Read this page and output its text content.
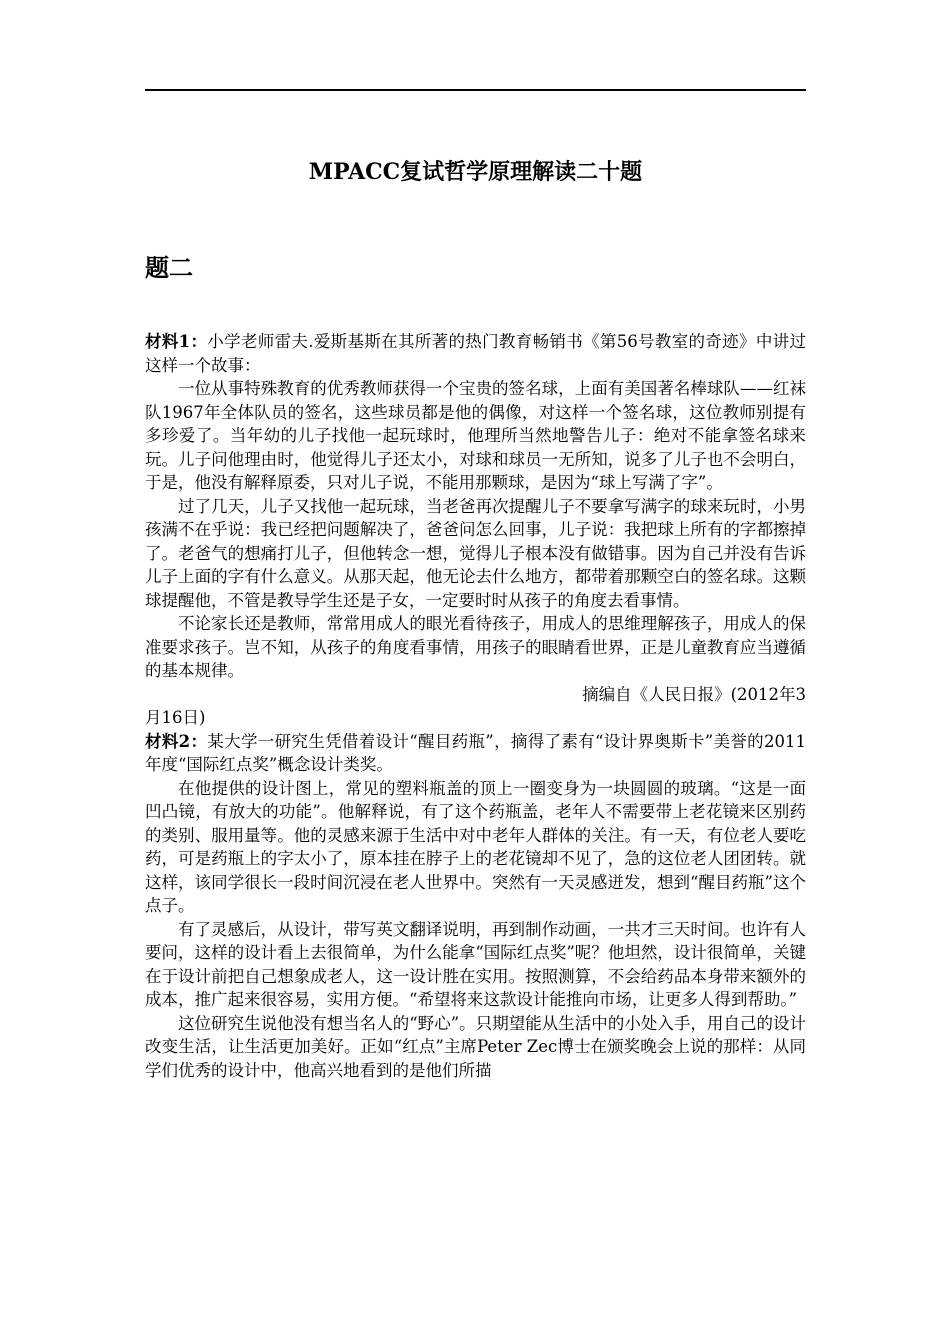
MPACC复试哲学原理解读二十题
题二

材料1：小学老师雷夫.爱斯基斯在其所著的热门教育畅销书《第56号教室的奇迹》中讲过这样一个故事：

一位从事特殊教育的优秀教师获得一个宝贵的签名球，上面有美国著名棒球队——红袜队1967年全体队员的签名，这些球员都是他的偶像，对这样一个签名球，这位教师别提有多珍爱了。当年幼的儿子找他一起玩球时，他理所当然地警告儿子：绝对不能拿签名球来玩。儿子问他理由时，他觉得儿子还太小，对球和球员一无所知，说多了儿子也不会明白，于是，他没有解释原委，只对儿子说，不能用那颗球，是因为“球上写满了字”。

过了几天，儿子又找他一起玩球，当老爸再次提醒儿子不要拿写满字的球来玩时，小男孩满不在乎说：我已经把问题解决了，爸爸问怎么回事，儿子说：我把球上所有的字都擦掉了。老爸气的想痛打儿子，但他转念一想，觉得儿子根本没有做错事。因为自己并没有告诉儿子上面的字有什么意义。从那天起，他无论去什么地方，都带着那颗空白的签名球。这颗球提醒他，不管是教导学生还是子女，一定要时时从孩子的角度去看事情。

不论家长还是教师，常常用成人的眼光看待孩子，用成人的思维理解孩子，用成人的保准要求孩子。岂不知，从孩子的角度看事情，用孩子的眼睛看世界，正是儿童教育应当遵循的基本规律。

摘编自《人民日报》(2012年3

月16日)

材料2：某大学一研究生凭借着设计“醒目药瓶”，摘得了素有“设计界奥斯卡”美誉的2011年度“国际红点奖”概念设计类奖。

在他提供的设计图上，常见的塑料瓶盖的顶上一圈变身为一块圆圆的玻璃。“这是一面凹凸镜，有放大的功能”。他解释说，有了这个药瓶盖，老年人不需要带上老花镜来区别药的类别、服用量等。他的灵感来源于生活中对中老年人群体的关注。有一天，有位老人要吃药，可是药瓶上的字太小了，原本挂在脖子上的老花镜却不见了，急的这位老人团团转。就这样，该同学很长一段时间沉浸在老人世界中。突然有一天灵感迸发，想到“醒目药瓶”这个点子。

有了灵感后，从设计，带写英文翻译说明，再到制作动画，一共才三天时间。也许有人要问，这样的设计看上去很简单，为什么能拿“国际红点奖”呢？他坦然，设计很简单，关键在于设计前把自己想象成老人，这一设计胜在实用。按照测算，不会给药品本身带来额外的成本，推广起来很容易，实用方便。“希望将来这款设计能推向市场，让更多人得到帮助。”

这位研究生说他没有想当名人的“野心”。只期望能从生活中的小处入手，用自己的设计改变生活，让生活更加美好。正如“红点”主席Peter Zec博士在颁奖晚会上说的那样：从同学们优秀的设计中，他高兴地看到的是他们所描
